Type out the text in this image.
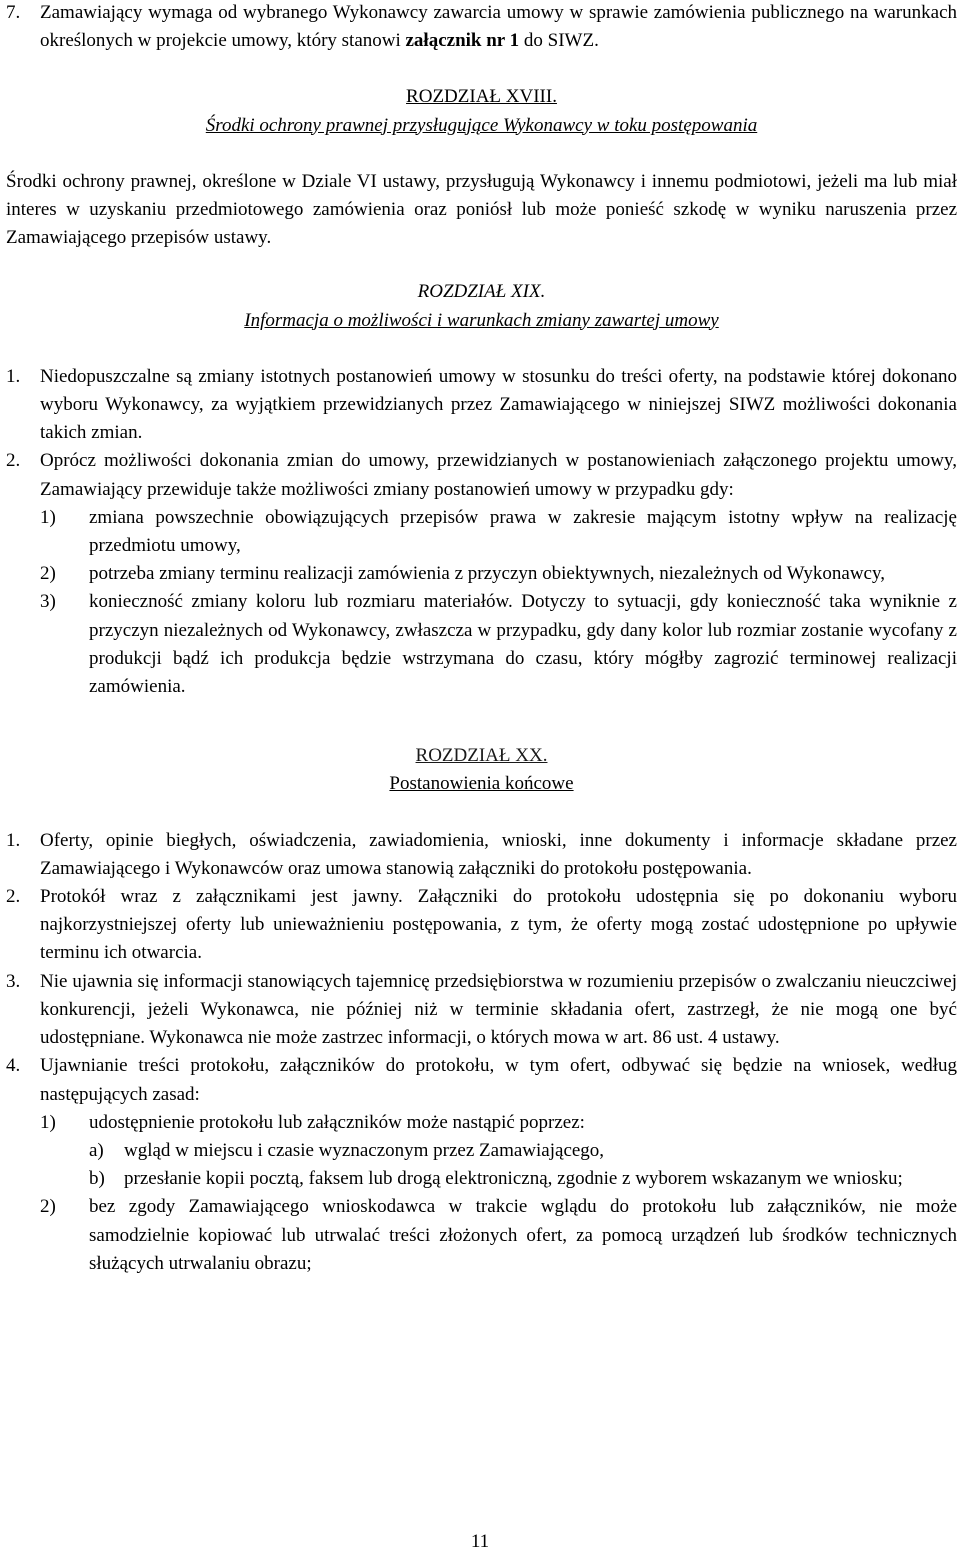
7.	Zamawiający wymaga od wybranego Wykonawcy zawarcia umowy w sprawie zamówienia publicznego na warunkach określonych w projekcie umowy, który stanowi załącznik nr 1 do SIWZ.
ROZDZIAŁ XVIII.
Środki ochrony prawnej przysługujące Wykonawcy w toku postępowania

Środki ochrony prawnej, określone w Dziale VI ustawy, przysługują Wykonawcy i innemu podmiotowi, jeżeli ma lub miał interes w uzyskaniu przedmiotowego zamówienia oraz poniósł lub może ponieść szkodę w wyniku naruszenia przez Zamawiającego przepisów ustawy.

ROZDZIAŁ XIX.
Informacja o możliwości i warunkach zmiany zawartej umowy
1.	Niedopuszczalne są zmiany istotnych postanowień umowy w stosunku do treści oferty, na podstawie której dokonano wyboru Wykonawcy, za wyjątkiem przewidzianych przez Zamawiającego w niniejszej SIWZ możliwości dokonania takich zmian.
2.	Oprócz możliwości dokonania zmian do umowy, przewidzianych w postanowieniach załączonego projektu umowy, Zamawiający przewiduje także możliwości zmiany postanowień umowy w przypadku gdy:
1)	zmiana powszechnie obowiązujących przepisów prawa w zakresie mającym istotny wpływ na realizację przedmiotu umowy,
2)	potrzeba zmiany terminu realizacji zamówienia z przyczyn obiektywnych, niezależnych od Wykonawcy,
3)	konieczność zmiany koloru lub rozmiaru materiałów. Dotyczy to sytuacji, gdy konieczność taka wyniknie z przyczyn niezależnych od Wykonawcy, zwłaszcza w przypadku, gdy dany kolor lub rozmiar zostanie wycofany z produkcji bądź ich produkcja będzie wstrzymana do czasu, który mógłby zagrozić terminowej realizacji zamówienia.
ROZDZIAŁ XX.
Postanowienia końcowe
1.	Oferty, opinie biegłych, oświadczenia, zawiadomienia, wnioski, inne dokumenty i informacje składane przez Zamawiającego i Wykonawców oraz umowa stanowią załączniki do protokołu postępowania.
2.	Protokół wraz z załącznikami jest jawny. Załączniki do protokołu udostępnia się po dokonaniu wyboru najkorzystniejszej oferty lub unieważnieniu postępowania, z tym, że oferty mogą zostać udostępnione po upływie terminu ich otwarcia.
3.	Nie ujawnia się informacji stanowiących tajemnicę przedsiębiorstwa w rozumieniu przepisów o zwalczaniu nieuczciwej konkurencji, jeżeli Wykonawca, nie później niż w terminie składania ofert, zastrzegł, że nie mogą one być udostępniane. Wykonawca nie może zastrzec informacji, o których mowa w art. 86 ust. 4 ustawy.
4.	Ujawnianie treści protokołu, załączników do protokołu, w tym ofert, odbywać się będzie na wniosek, według następujących zasad:
1)	udostępnienie protokołu lub załączników może nastąpić poprzez:
a)	wgląd w miejscu i czasie wyznaczonym przez Zamawiającego,
b)	przesłanie kopii pocztą, faksem lub drogą elektroniczną, zgodnie z wyborem wskazanym we wniosku;
2)	bez zgody Zamawiającego wnioskodawca w trakcie wglądu do protokołu lub załączników, nie może samodzielnie kopiować lub utrwalać treści złożonych ofert, za pomocą urządzeń lub środków technicznych służących utrwalaniu obrazu;
11
